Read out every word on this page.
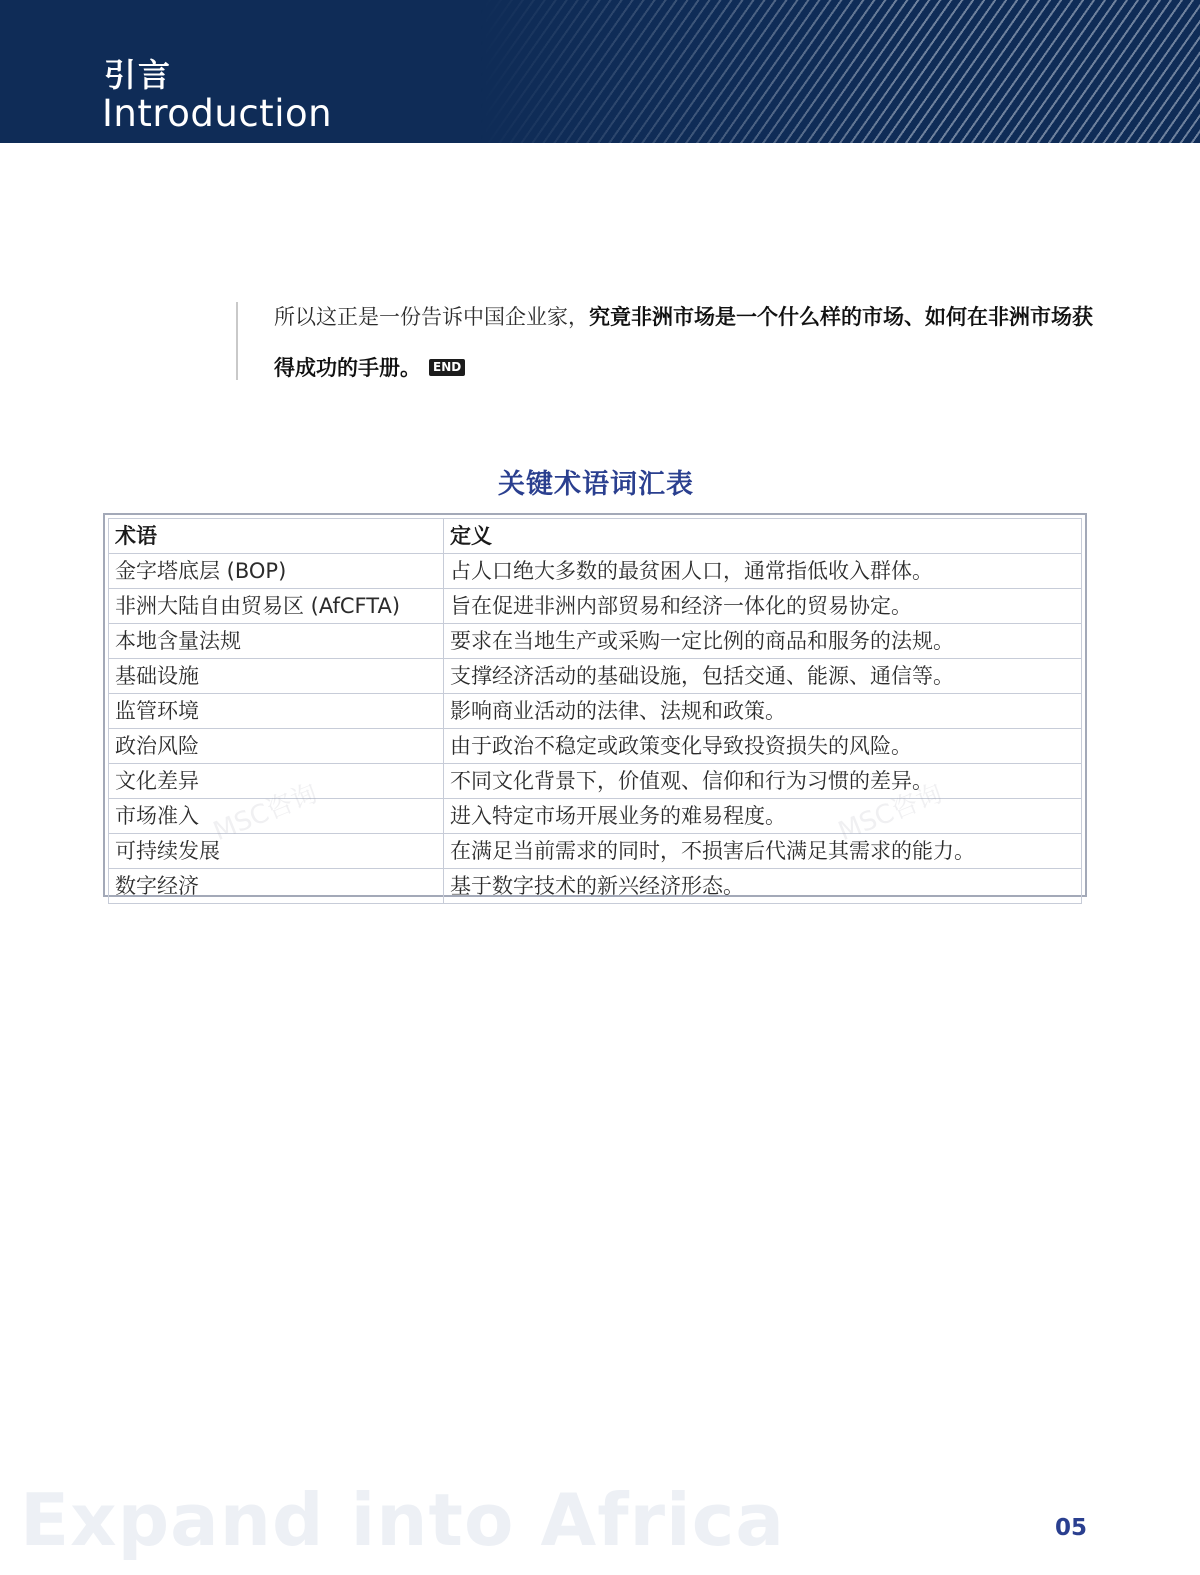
引言
Introduction

所以这正是一份告诉中国企业家，究竟非洲市场是一个什么样的市场、如何在非洲市场获得成功的手册。 END

关键术语词汇表
术语	定义
金字塔底层 (BOP)	占人口绝大多数的最贫困人口，通常指低收入群体。
非洲大陆自由贸易区 (AfCFTA)	旨在促进非洲内部贸易和经济一体化的贸易协定。
本地含量法规	要求在当地生产或采购一定比例的商品和服务的法规。
基础设施	支撑经济活动的基础设施，包括交通、能源、通信等。
监管环境	影响商业活动的法律、法规和政策。
政治风险	由于政治不稳定或政策变化导致投资损失的风险。
文化差异	不同文化背景下，价值观、信仰和行为习惯的差异。
市场准入	进入特定市场开展业务的难易程度。
可持续发展	在满足当前需求的同时，不损害后代满足其需求的能力。
数字经济	基于数字技术的新兴经济形态。
MSC咨询	MSC咨询
Expand into Africa	05
